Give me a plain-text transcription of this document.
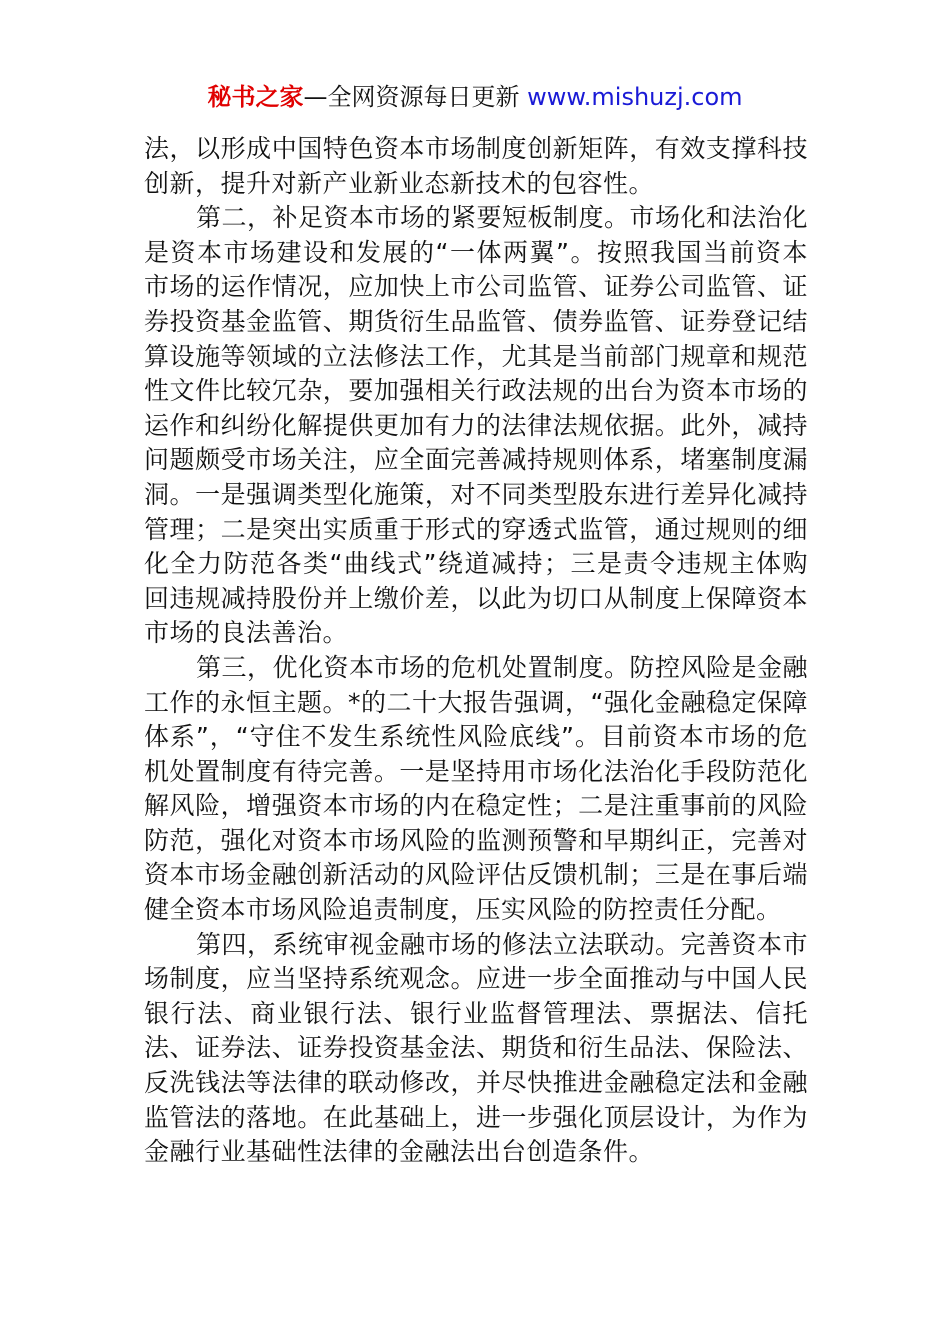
秘书之家—全网资源每日更新 www.mishuzj.com

法，以形成中国特色资本市场制度创新矩阵，有效支撑科技创新，提升对新产业新业态新技术的包容性。

第二，补足资本市场的紧要短板制度。市场化和法治化是资本市场建设和发展的“一体两翼”。按照我国当前资本市场的运作情况，应加快上市公司监管、证券公司监管、证券投资基金监管、期货衍生品监管、债券监管、证券登记结算设施等领域的立法修法工作，尤其是当前部门规章和规范性文件比较冗杂，要加强相关行政法规的出台为资本市场的运作和纠纷化解提供更加有力的法律法规依据。此外，减持问题颇受市场关注，应全面完善减持规则体系，堵塞制度漏洞。一是强调类型化施策，对不同类型股东进行差异化减持管理；二是突出实质重于形式的穿透式监管，通过规则的细化全力防范各类“曲线式”绕道减持；三是责令违规主体购回违规减持股份并上缴价差，以此为切口从制度上保障资本市场的良法善治。

第三，优化资本市场的危机处置制度。防控风险是金融工作的永恒主题。*的二十大报告强调，“强化金融稳定保障体系”，“守住不发生系统性风险底线”。目前资本市场的危机处置制度有待完善。一是坚持用市场化法治化手段防范化解风险，增强资本市场的内在稳定性；二是注重事前的风险防范，强化对资本市场风险的监测预警和早期纠正，完善对资本市场金融创新活动的风险评估反馈机制；三是在事后端健全资本市场风险追责制度，压实风险的防控责任分配。

第四，系统审视金融市场的修法立法联动。完善资本市场制度，应当坚持系统观念。应进一步全面推动与中国人民银行法、商业银行法、银行业监督管理法、票据法、信托法、证券法、证券投资基金法、期货和衍生品法、保险法、反洗钱法等法律的联动修改，并尽快推进金融稳定法和金融监管法的落地。在此基础上，进一步强化顶层设计，为作为金融行业基础性法律的金融法出台创造条件。
